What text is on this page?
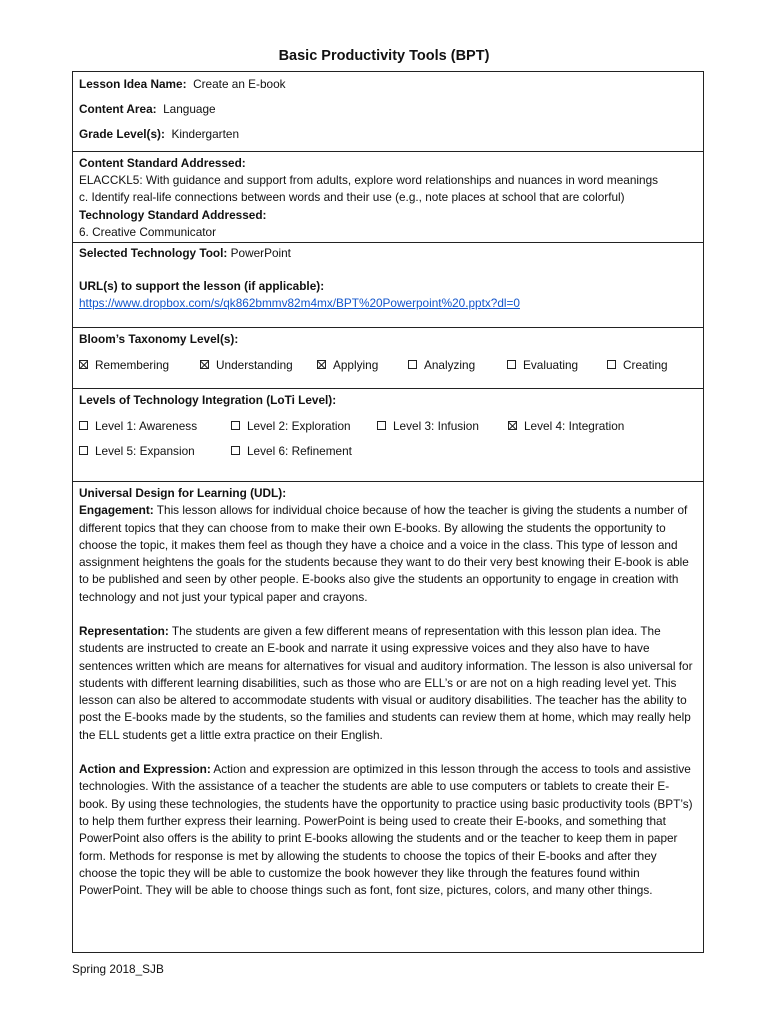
Basic Productivity Tools (BPT)
Lesson Idea Name: Create an E-book
Content Area: Language
Grade Level(s): Kindergarten
Content Standard Addressed:
ELACCKL5: With guidance and support from adults, explore word relationships and nuances in word meanings
c. Identify real-life connections between words and their use (e.g., note places at school that are colorful)
Technology Standard Addressed:
6. Creative Communicator
Selected Technology Tool: PowerPoint
URL(s) to support the lesson (if applicable):
https://www.dropbox.com/s/qk862bmmv82m4mx/BPT%20Powerpoint%20.pptx?dl=0
Bloom’s Taxonomy Level(s):
Remembering	Understanding	Applying	Analyzing	Evaluating	Creating
Levels of Technology Integration (LoTi Level):
Level 1: Awareness	Level 2: Exploration	Level 3: Infusion	Level 4: Integration
Level 5: Expansion	Level 6: Refinement
Universal Design for Learning (UDL):
Engagement: This lesson allows for individual choice because of how the teacher is giving the students a number of different topics that they can choose from to make their own E-books. By allowing the students the opportunity to choose the topic, it makes them feel as though they have a choice and a voice in the class. This type of lesson and assignment heightens the goals for the students because they want to do their very best knowing their E-book is able to be published and seen by other people. E-books also give the students an opportunity to engage in creation with technology and not just your typical paper and crayons.
Representation: The students are given a few different means of representation with this lesson plan idea. The students are instructed to create an E-book and narrate it using expressive voices and they also have to have sentences written which are means for alternatives for visual and auditory information. The lesson is also universal for students with different learning disabilities, such as those who are ELL’s or are not on a high reading level yet. This lesson can also be altered to accommodate students with visual or auditory disabilities. The teacher has the ability to post the E-books made by the students, so the families and students can review them at home, which may really help the ELL students get a little extra practice on their English.
Action and Expression: Action and expression are optimized in this lesson through the access to tools and assistive technologies. With the assistance of a teacher the students are able to use computers or tablets to create their E-book. By using these technologies, the students have the opportunity to practice using basic productivity tools (BPT’s) to help them further express their learning. PowerPoint is being used to create their E-books, and something that PowerPoint also offers is the ability to print E-books allowing the students and or the teacher to keep them in paper form. Methods for response is met by allowing the students to choose the topics of their E-books and after they choose the topic they will be able to customize the book however they like through the features found within PowerPoint. They will be able to choose things such as font, font size, pictures, colors, and many other things.
Spring 2018_SJB
